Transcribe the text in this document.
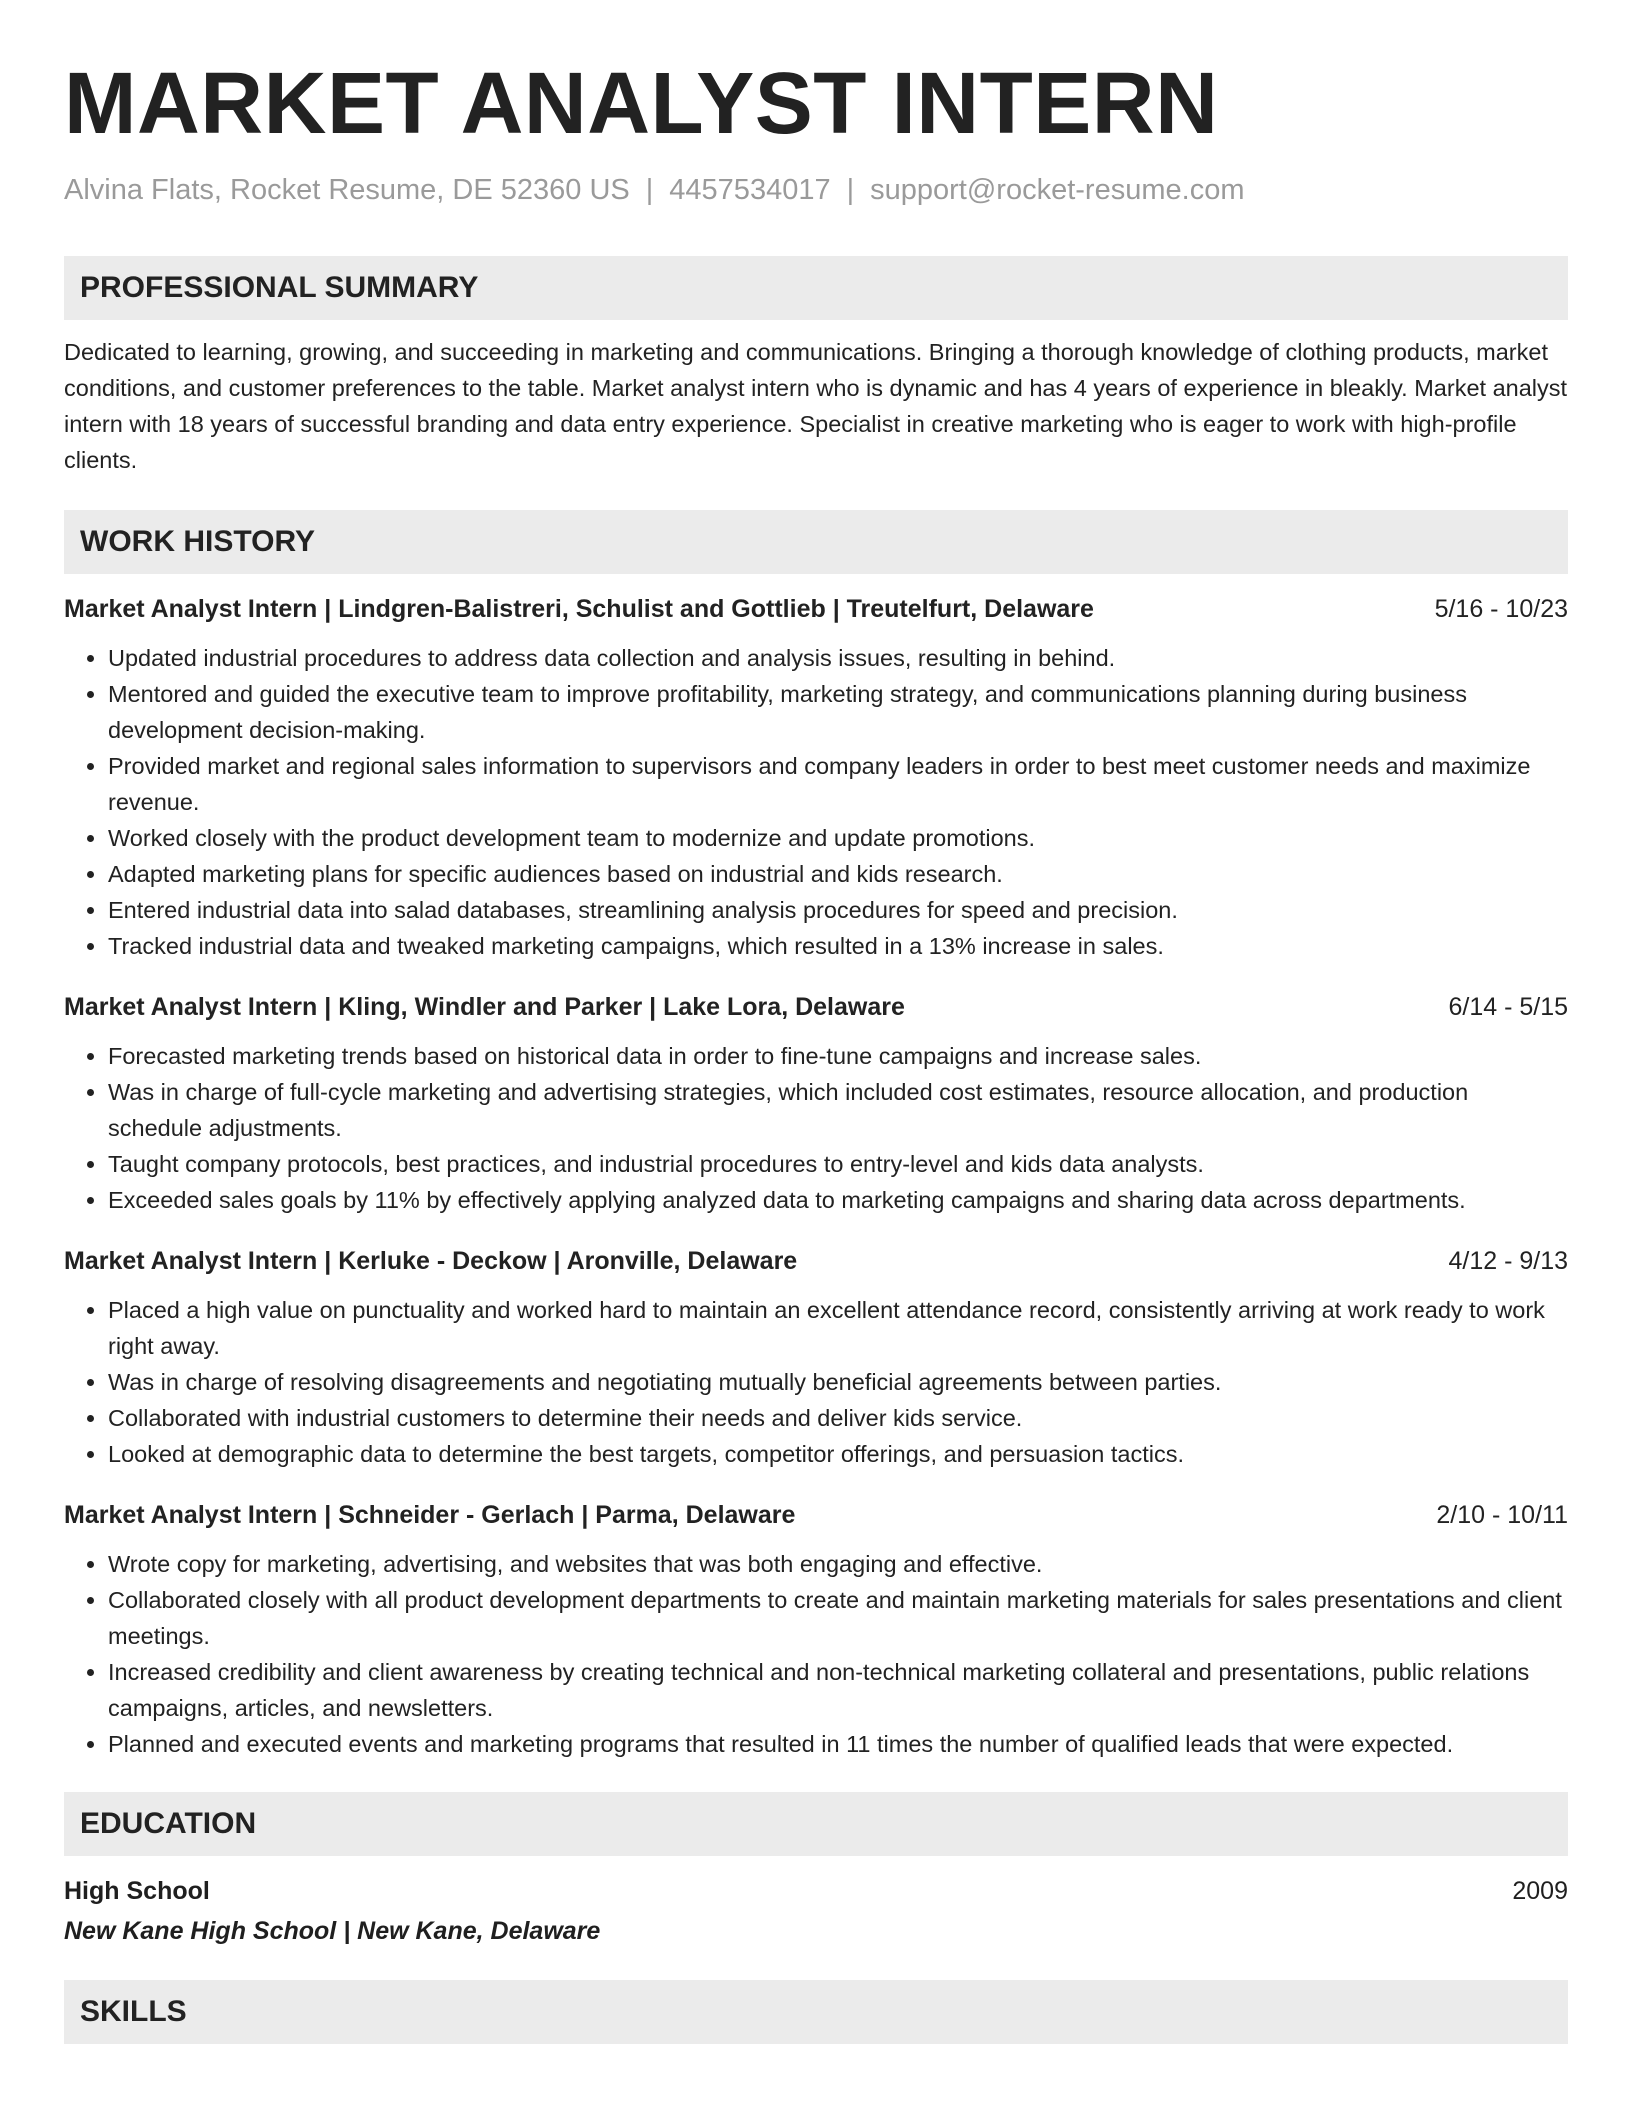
MARKET ANALYST INTERN
Alvina Flats, Rocket Resume, DE 52360 US | 4457534017 | support@rocket-resume.com
PROFESSIONAL SUMMARY
Dedicated to learning, growing, and succeeding in marketing and communications. Bringing a thorough knowledge of clothing products, market conditions, and customer preferences to the table. Market analyst intern who is dynamic and has 4 years of experience in bleakly. Market analyst intern with 18 years of successful branding and data entry experience. Specialist in creative marketing who is eager to work with high-profile clients.
WORK HISTORY
Market Analyst Intern | Lindgren-Balistreri, Schulist and Gottlieb | Treutelfurt, Delaware	5/16 - 10/23
• Updated industrial procedures to address data collection and analysis issues, resulting in behind.
• Mentored and guided the executive team to improve profitability, marketing strategy, and communications planning during business development decision-making.
• Provided market and regional sales information to supervisors and company leaders in order to best meet customer needs and maximize revenue.
• Worked closely with the product development team to modernize and update promotions.
• Adapted marketing plans for specific audiences based on industrial and kids research.
• Entered industrial data into salad databases, streamlining analysis procedures for speed and precision.
• Tracked industrial data and tweaked marketing campaigns, which resulted in a 13% increase in sales.
Market Analyst Intern | Kling, Windler and Parker | Lake Lora, Delaware	6/14 - 5/15
• Forecasted marketing trends based on historical data in order to fine-tune campaigns and increase sales.
• Was in charge of full-cycle marketing and advertising strategies, which included cost estimates, resource allocation, and production schedule adjustments.
• Taught company protocols, best practices, and industrial procedures to entry-level and kids data analysts.
• Exceeded sales goals by 11% by effectively applying analyzed data to marketing campaigns and sharing data across departments.
Market Analyst Intern | Kerluke - Deckow | Aronville, Delaware	4/12 - 9/13
• Placed a high value on punctuality and worked hard to maintain an excellent attendance record, consistently arriving at work ready to work right away.
• Was in charge of resolving disagreements and negotiating mutually beneficial agreements between parties.
• Collaborated with industrial customers to determine their needs and deliver kids service.
• Looked at demographic data to determine the best targets, competitor offerings, and persuasion tactics.
Market Analyst Intern | Schneider - Gerlach | Parma, Delaware	2/10 - 10/11
• Wrote copy for marketing, advertising, and websites that was both engaging and effective.
• Collaborated closely with all product development departments to create and maintain marketing materials for sales presentations and client meetings.
• Increased credibility and client awareness by creating technical and non-technical marketing collateral and presentations, public relations campaigns, articles, and newsletters.
• Planned and executed events and marketing programs that resulted in 11 times the number of qualified leads that were expected.
EDUCATION
High School	2009
New Kane High School | New Kane, Delaware
SKILLS
